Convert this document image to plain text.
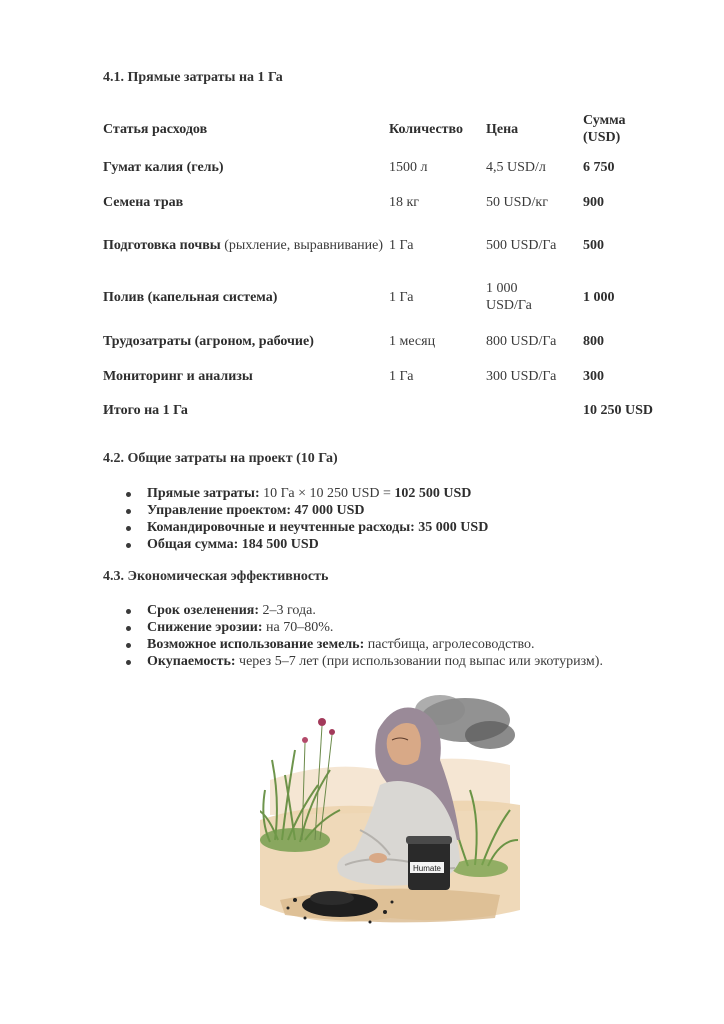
4.1. Прямые затраты на 1 Га
Статья расходов	Количество	Цена	Сумма (USD)
Гумат калия (гель)	1500 л	4,5 USD/л	6 750
Семена трав	18 кг	50 USD/кг	900
Подготовка почвы (рыхление, выравнивание)	1 Га	500 USD/Га	500
Полив (капельная система)	1 Га	1 000 USD/Га	1 000
Трудозатраты (агроном, рабочие)	1 месяц	800 USD/Га	800
Мониторинг и анализы	1 Га	300 USD/Га	300
Итого на 1 Га			10 250 USD
4.2. Общие затраты на проект (10 Га)
Прямые затраты: 10 Га × 10 250 USD = 102 500 USD
Управление проектом: 47 000 USD
Командировочные и неучтенные расходы: 35 000 USD
Общая сумма: 184 500 USD
4.3. Экономическая эффективность
Срок озеленения: 2–3 года.
Снижение эрозии: на 70–80%.
Возможное использование земель: пастбища, агролесоводство.
Окупаемость: через 5–7 лет (при использовании под выпас или экотуризм).
Humate
